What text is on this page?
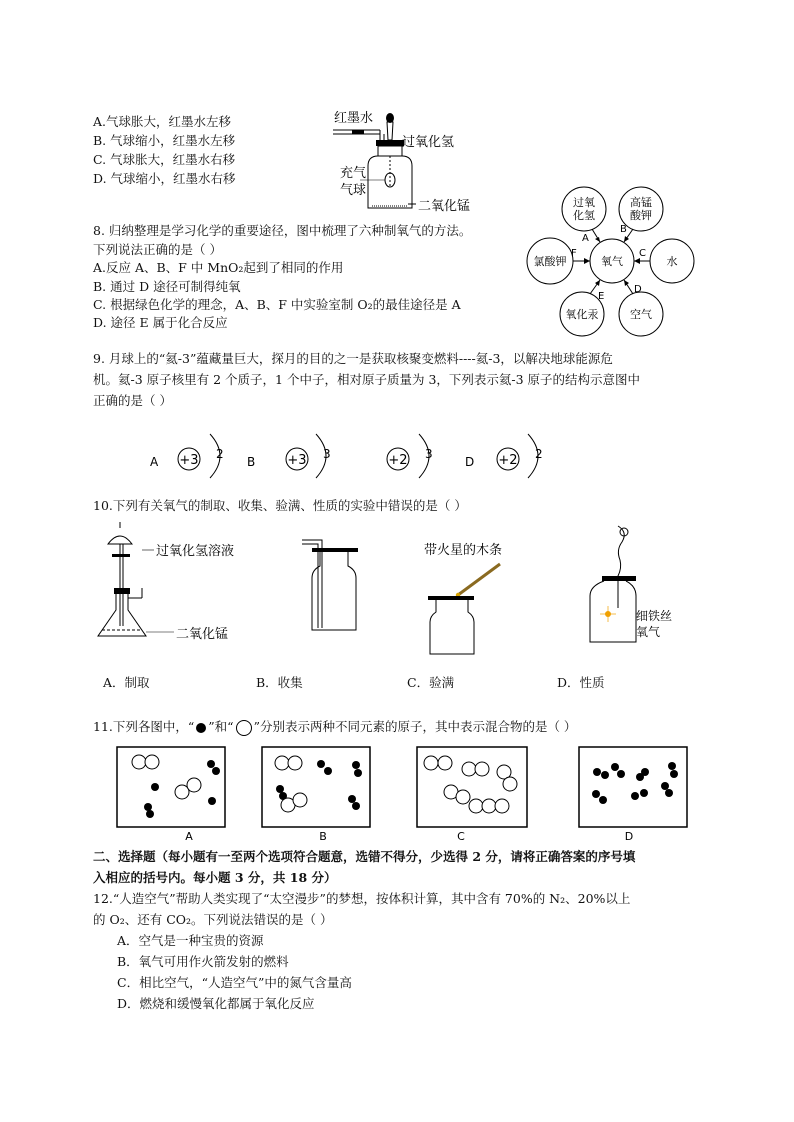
A.气球胀大，红墨水左移
B. 气球缩小，红墨水左移
C. 气球胀大，红墨水右移
D. 气球缩小，红墨水右移
红墨水
过氧化氢
充气
气球
二氧化锰
8. 归纳整理是学习化学的重要途径，图中梳理了六种制氧气的方法。
下列说法正确的是（ ）
A.反应 A、B、F 中 MnO₂起到了相同的作用
B. 通过 D 途径可制得纯氧
C. 根据绿色化学的理念，A、B、F 中实验室制 O₂的最佳途径是 A
D. 途径 E 属于化合反应
过氧
化氢
高锰
酸钾
氯酸钾	氧气	水
氧化汞	空气
A
B
C
D
E
F
9. 月球上的“氦-3”蕴藏量巨大，探月的目的之一是获取核聚变燃料----氦-3，以解决地球能源危
机。氦-3 原子核里有 2 个质子，1 个中子，相对原子质量为 3，下列表示氦-3 原子的结构示意图中
正确的是（ ）
A +3 2
B +3 3	+2 3
D +2 2
10.下列有关氧气的制取、收集、验满、性质的实验中错误的是（ ）
过氧化氢溶液
二氧化锰
带火星的木条
细铁丝
氧气
A．制取	B．收集	C．验满	D．性质
11.下列各图中，“ ”和“ ”分别表示两种不同元素的原子，其中表示混合物的是（ ）
A	B	C	D
二、选择题（每小题有一至两个选项符合题意，选错不得分，少选得 2 分，请将正确答案的序号填
入相应的括号内。每小题 3 分，共 18 分）
12.“人造空气”帮助人类实现了“太空漫步”的梦想，按体积计算，其中含有 70%的 N₂、20%以上
的 O₂、还有 CO₂。下列说法错误的是（ ）
A．空气是一种宝贵的资源
B．氧气可用作火箭发射的燃料
C．相比空气，“人造空气”中的氮气含量高
D．燃烧和缓慢氧化都属于氧化反应
